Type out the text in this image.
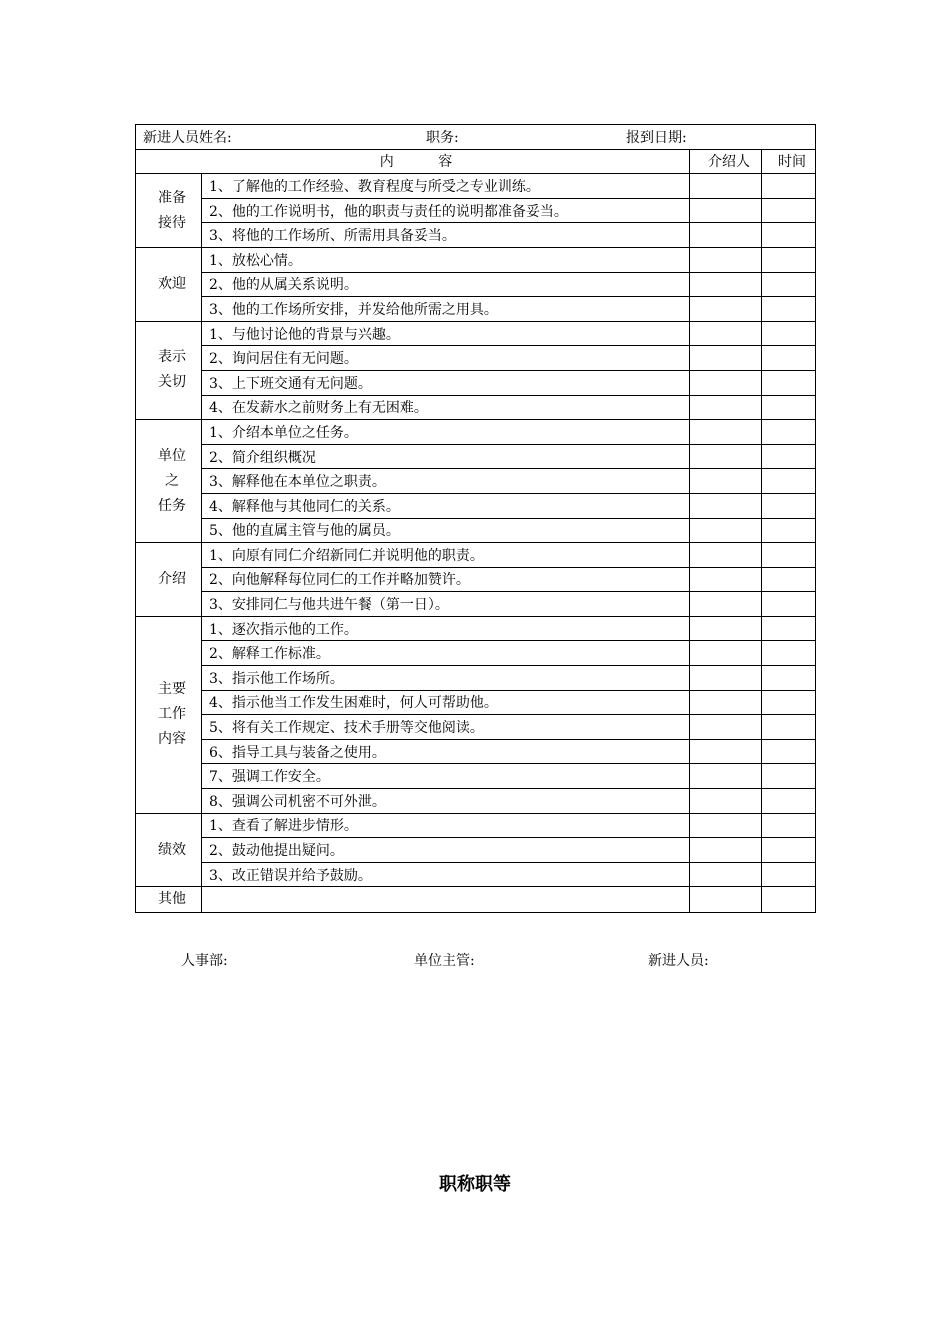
新进人员姓名: 职务: 报到日期:			

内          容		介绍人	时间

准备
接待	1、了解他的工作经验、教育程度与所受之专业训练。		
	2、他的工作说明书，他的职责与责任的说明都准备妥当。		
	3、将他的工作场所、所需用具备妥当。		

欢迎	1、放松心情。		
	2、他的从属关系说明。		
	3、他的工作场所安排，并发给他所需之用具。		

表示
关切	1、与他讨论他的背景与兴趣。		
	2、询问居住有无问题。		
	3、上下班交通有无问题。		
	4、在发薪水之前财务上有无困难。		

单位
之
任务	1、介绍本单位之任务。		
	2、简介组织概况		
	3、解释他在本单位之职责。		
	4、解释他与其他同仁的关系。		
	5、他的直属主管与他的属员。		

介绍	1、向原有同仁介绍新同仁并说明他的职责。		
	2、向他解释每位同仁的工作并略加赞许。		
	3、安排同仁与他共进午餐（第一日）。		

主要
工作
内容	1、逐次指示他的工作。		
	2、解释工作标准。		
	3、指示他工作场所。		
	4、指示他当工作发生困难时，何人可帮助他。		
	5、将有关工作规定、技术手册等交他阅读。		
	6、指导工具与装备之使用。		
	7、强调工作安全。		
	8、强调公司机密不可外泄。		

绩效	1、查看了解进步情形。		
	2、鼓动他提出疑问。		
	3、改正错误并给予鼓励。		

其他			

人事部:	单位主管:	新进人员:
职称职等
